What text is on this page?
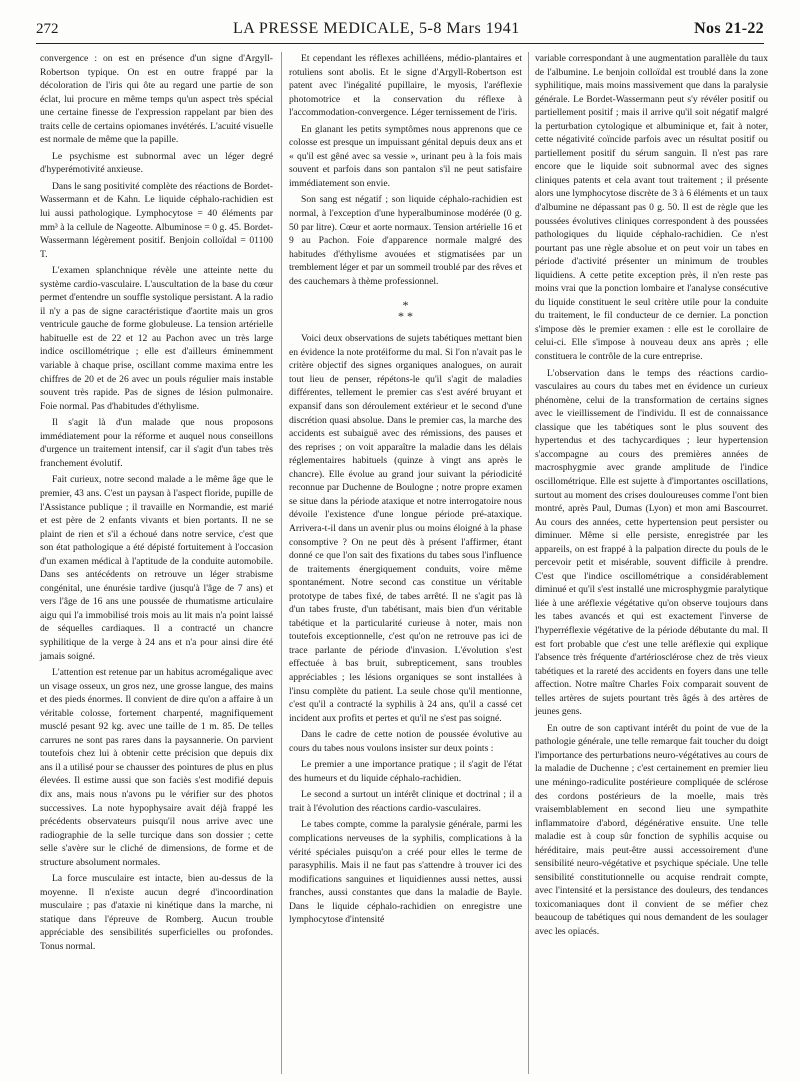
272	LA PRESSE MEDICALE, 5-8 Mars 1941	Nos 21-22

convergence : on est en présence d'un signe d'Argyll-Robertson typique. On est en outre frappé par la décoloration de l'iris qui ôte au regard une partie de son éclat, lui procure en même temps qu'un aspect très spécial une certaine finesse de l'expression rappelant par bien des traits celle de certains opiomanes invétérés. L'acuité visuelle est normale de même que la papille.

Le psychisme est subnormal avec un léger degré d'hyperémotivité anxieuse.

Dans le sang positivité complète des réactions de Bordet-Wassermann et de Kahn. Le liquide céphalo-rachidien est lui aussi pathologique. Lymphocytose = 40 éléments par mm³ à la cellule de Nageotte. Albuminose = 0 g. 45. Bordet-Wassermann légèrement positif. Benjoin colloïdal = 01100 T.

L'examen splanchnique révèle une atteinte nette du système cardio-vasculaire. L'auscultation de la base du cœur permet d'entendre un souffle systolique persistant. A la radio il n'y a pas de signe caractéristique d'aortite mais un gros ventricule gauche de forme globuleuse. La tension artérielle habituelle est de 22 et 12 au Pachon avec un très large indice oscillométrique ; elle est d'ailleurs éminemment variable à chaque prise, oscillant comme maxima entre les chiffres de 20 et de 26 avec un pouls régulier mais instable souvent très rapide. Pas de signes de lésion pulmonaire. Foie normal. Pas d'habitudes d'éthylisme.

Il s'agit là d'un malade que nous proposons immédiatement pour la réforme et auquel nous conseillons d'urgence un traitement intensif, car il s'agit d'un tabes très franchement évolutif.

Fait curieux, notre second malade a le même âge que le premier, 43 ans. C'est un paysan à l'aspect floride, pupille de l'Assistance publique ; il travaille en Normandie, est marié et est père de 2 enfants vivants et bien portants. Il ne se plaint de rien et s'il a échoué dans notre service, c'est que son état pathologique a été dépisté fortuitement à l'occasion d'un examen médical à l'aptitude de la conduite automobile. Dans ses antécédents on retrouve un léger strabisme congénital, une énurésie tardive (jusqu'à l'âge de 7 ans) et vers l'âge de 16 ans une poussée de rhumatisme articulaire aigu qui l'a immobilisé trois mois au lit mais n'a point laissé de séquelles cardiaques. Il a contracté un chancre syphilitique de la verge à 24 ans et n'a pour ainsi dire été jamais soigné.

L'attention est retenue par un habitus acromégalique avec un visage osseux, un gros nez, une grosse langue, des mains et des pieds énormes. Il convient de dire qu'on a affaire à un véritable colosse, fortement charpenté, magnifiquement musclé pesant 92 kg. avec une taille de 1 m. 85. De telles carrures ne sont pas rares dans la paysannerie. On parvient toutefois chez lui à obtenir cette précision que depuis dix ans il a utilisé pour se chausser des pointures de plus en plus élevées. Il estime aussi que son faciès s'est modifié depuis dix ans, mais nous n'avons pu le vérifier sur des photos successives. La note hypophysaire avait déjà frappé les précédents observateurs puisqu'il nous arrive avec une radiographie de la selle turcique dans son dossier ; cette selle s'avère sur le cliché de dimensions, de forme et de structure absolument normales.

La force musculaire est intacte, bien au-dessus de la moyenne. Il n'existe aucun degré d'incoordination musculaire ; pas d'ataxie ni kinétique dans la marche, ni statique dans l'épreuve de Romberg. Aucun trouble appréciable des sensibilités superficielles ou profondes. Tonus normal.

Et cependant les réflexes achilléens, médio-plantaires et rotuliens sont abolis. Et le signe d'Argyll-Robertson est patent avec l'inégalité pupillaire, le myosis, l'aréflexie photomotrice et la conservation du réflexe à l'accommodation-convergence. Léger ternissement de l'iris.

En glanant les petits symptômes nous apprenons que ce colosse est presque un impuissant génital depuis deux ans et « qu'il est gêné avec sa vessie », urinant peu à la fois mais souvent et parfois dans son pantalon s'il ne peut satisfaire immédiatement son envie.

Son sang est négatif ; son liquide céphalo-rachidien est normal, à l'exception d'une hyperalbuminose modérée (0 g. 50 par litre). Cœur et aorte normaux. Tension artérielle 16 et 9 au Pachon. Foie d'apparence normale malgré des habitudes d'éthylisme avouées et stigmatisées par un tremblement léger et par un sommeil troublé par des rêves et des cauchemars à thème professionnel.

*
* *

Voici deux observations de sujets tabétiques mettant bien en évidence la note protéiforme du mal. Si l'on n'avait pas le critère objectif des signes organiques analogues, on aurait tout lieu de penser, répétons-le qu'il s'agit de maladies différentes, tellement le premier cas s'est avéré bruyant et expansif dans son déroulement extérieur et le second d'une discrétion quasi absolue. Dans le premier cas, la marche des accidents est subaiguë avec des rémissions, des pauses et des reprises ; on voit apparaître la maladie dans les délais réglementaires habituels (quinze à vingt ans après le chancre). Elle évolue au grand jour suivant la périodicité reconnue par Duchenne de Boulogne ; notre propre examen se situe dans la période ataxique et notre interrogatoire nous dévoile l'existence d'une longue période pré-ataxique. Arrivera-t-il dans un avenir plus ou moins éloigné à la phase consomptive ? On ne peut dès à présent l'affirmer, étant donné ce que l'on sait des fixations du tabes sous l'influence de traitements énergiquement conduits, voire même spontanément. Notre second cas constitue un véritable prototype de tabes fixé, de tabes arrêté. Il ne s'agit pas là d'un tabes fruste, d'un tabétisant, mais bien d'un véritable tabétique et la particularité curieuse à noter, mais non toutefois exceptionnelle, c'est qu'on ne retrouve pas ici de trace parlante de période d'invasion. L'évolution s'est effectuée à bas bruit, subrepticement, sans troubles appréciables ; les lésions organiques se sont installées à l'insu complète du patient. La seule chose qu'il mentionne, c'est qu'il a contracté la syphilis à 24 ans, qu'il a cassé cet incident aux profits et pertes et qu'il ne s'est pas soigné.

Dans le cadre de cette notion de poussée évolutive au cours du tabes nous voulons insister sur deux points :

Le premier a une importance pratique ; il s'agit de l'état des humeurs et du liquide céphalo-rachidien.

Le second a surtout un intérêt clinique et doctrinal ; il a trait à l'évolution des réactions cardio-vasculaires.

Le tabes compte, comme la paralysie générale, parmi les complications nerveuses de la syphilis, complications à la vérité spéciales puisqu'on a créé pour elles le terme de parasyphilis. Mais il ne faut pas s'attendre à trouver ici des modifications sanguines et liquidiennes aussi nettes, aussi franches, aussi constantes que dans la maladie de Bayle. Dans le liquide céphalo-rachidien on enregistre une lymphocytose d'intensité

variable correspondant à une augmentation parallèle du taux de l'albumine. Le benjoin colloïdal est troublé dans la zone syphilitique, mais moins massivement que dans la paralysie générale. Le Bordet-Wassermann peut s'y révéler positif ou partiellement positif ; mais il arrive qu'il soit négatif malgré la perturbation cytologique et albuminique et, fait à noter, cette négativité coïncide parfois avec un résultat positif ou partiellement positif du sérum sanguin. Il n'est pas rare encore que le liquide soit subnormal avec des signes cliniques patents et cela avant tout traitement ; il présente alors une lymphocytose discrète de 3 à 6 éléments et un taux d'albumine ne dépassant pas 0 g. 50. Il est de règle que les poussées évolutives cliniques correspondent à des poussées pathologiques du liquide céphalo-rachidien. Ce n'est pourtant pas une règle absolue et on peut voir un tabes en période d'activité présenter un minimum de troubles liquidiens. A cette petite exception près, il n'en reste pas moins vrai que la ponction lombaire et l'analyse consécutive du liquide constituent le seul critère utile pour la conduite du traitement, le fil conducteur de ce dernier. La ponction s'impose dès le premier examen : elle est le corollaire de celui-ci. Elle s'impose à nouveau deux ans après ; elle constituera le contrôle de la cure entreprise.

L'observation dans le temps des réactions cardio-vasculaires au cours du tabes met en évidence un curieux phénomène, celui de la transformation de certains signes avec le vieillissement de l'individu. Il est de connaissance classique que les tabétiques sont le plus souvent des hypertendus et des tachycardiques ; leur hypertension s'accompagne au cours des premières années de macrosphygmie avec grande amplitude de l'indice oscillométrique. Elle est sujette à d'importantes oscillations, surtout au moment des crises douloureuses comme l'ont bien montré, après Paul, Dumas (Lyon) et mon ami Bascourret. Au cours des années, cette hypertension peut persister ou diminuer. Même si elle persiste, enregistrée par les appareils, on est frappé à la palpation directe du pouls de le percevoir petit et misérable, souvent difficile à prendre. C'est que l'indice oscillométrique a considérablement diminué et qu'il s'est installé une microsphygmie paralytique liée à une aréflexie végétative qu'on observe toujours dans les tabes avancés et qui est exactement l'inverse de l'hyperréflexie végétative de la période débutante du mal. Il est fort probable que c'est une telle aréflexie qui explique l'absence très fréquente d'artériosclérose chez de très vieux tabétiques et la rareté des accidents en foyers dans une telle affection. Notre maître Charles Foix comparait souvent de telles artères de sujets pourtant très âgés à des artères de jeunes gens.

En outre de son captivant intérêt du point de vue de la pathologie générale, une telle remarque fait toucher du doigt l'importance des perturbations neuro-végétatives au cours de la maladie de Duchenne ; c'est certainement en premier lieu une méningo-radiculite postérieure compliquée de sclérose des cordons postérieurs de la moelle, mais très vraisemblablement en second lieu une sympathite inflammatoire d'abord, dégénérative ensuite. Une telle maladie est à coup sûr fonction de syphilis acquise ou héréditaire, mais peut-être aussi accessoirement d'une sensibilité neuro-végétative et psychique spéciale. Une telle sensibilité constitutionnelle ou acquise rendrait compte, avec l'intensité et la persistance des douleurs, des tendances toxicomaniaques dont il convient de se méfier chez beaucoup de tabétiques qui nous demandent de les soulager avec les opiacés.
